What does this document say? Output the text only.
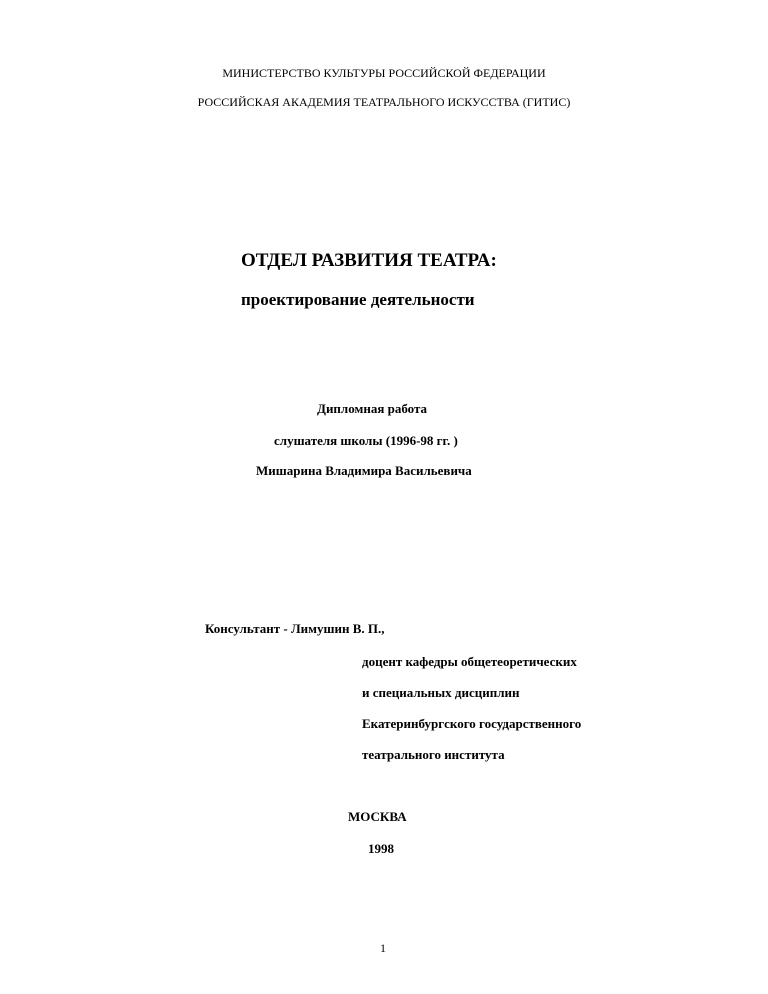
МИНИСТЕРСТВО КУЛЬТУРЫ РОССИЙСКОЙ ФЕДЕРАЦИИ
РОССИЙСКАЯ АКАДЕМИЯ ТЕАТРАЛЬНОГО ИСКУССТВА (ГИТИС)
ОТДЕЛ РАЗВИТИЯ ТЕАТРА:
проектирование деятельности
Дипломная работа
слушателя школы (1996-98 гг. )
Мишарина Владимира Васильевича
Консультант - Лимушин В. П.,
доцент кафедры общетеоретических
и специальных дисциплин
Екатеринбургского государственного
театрального института
МОСКВА
1998
1
